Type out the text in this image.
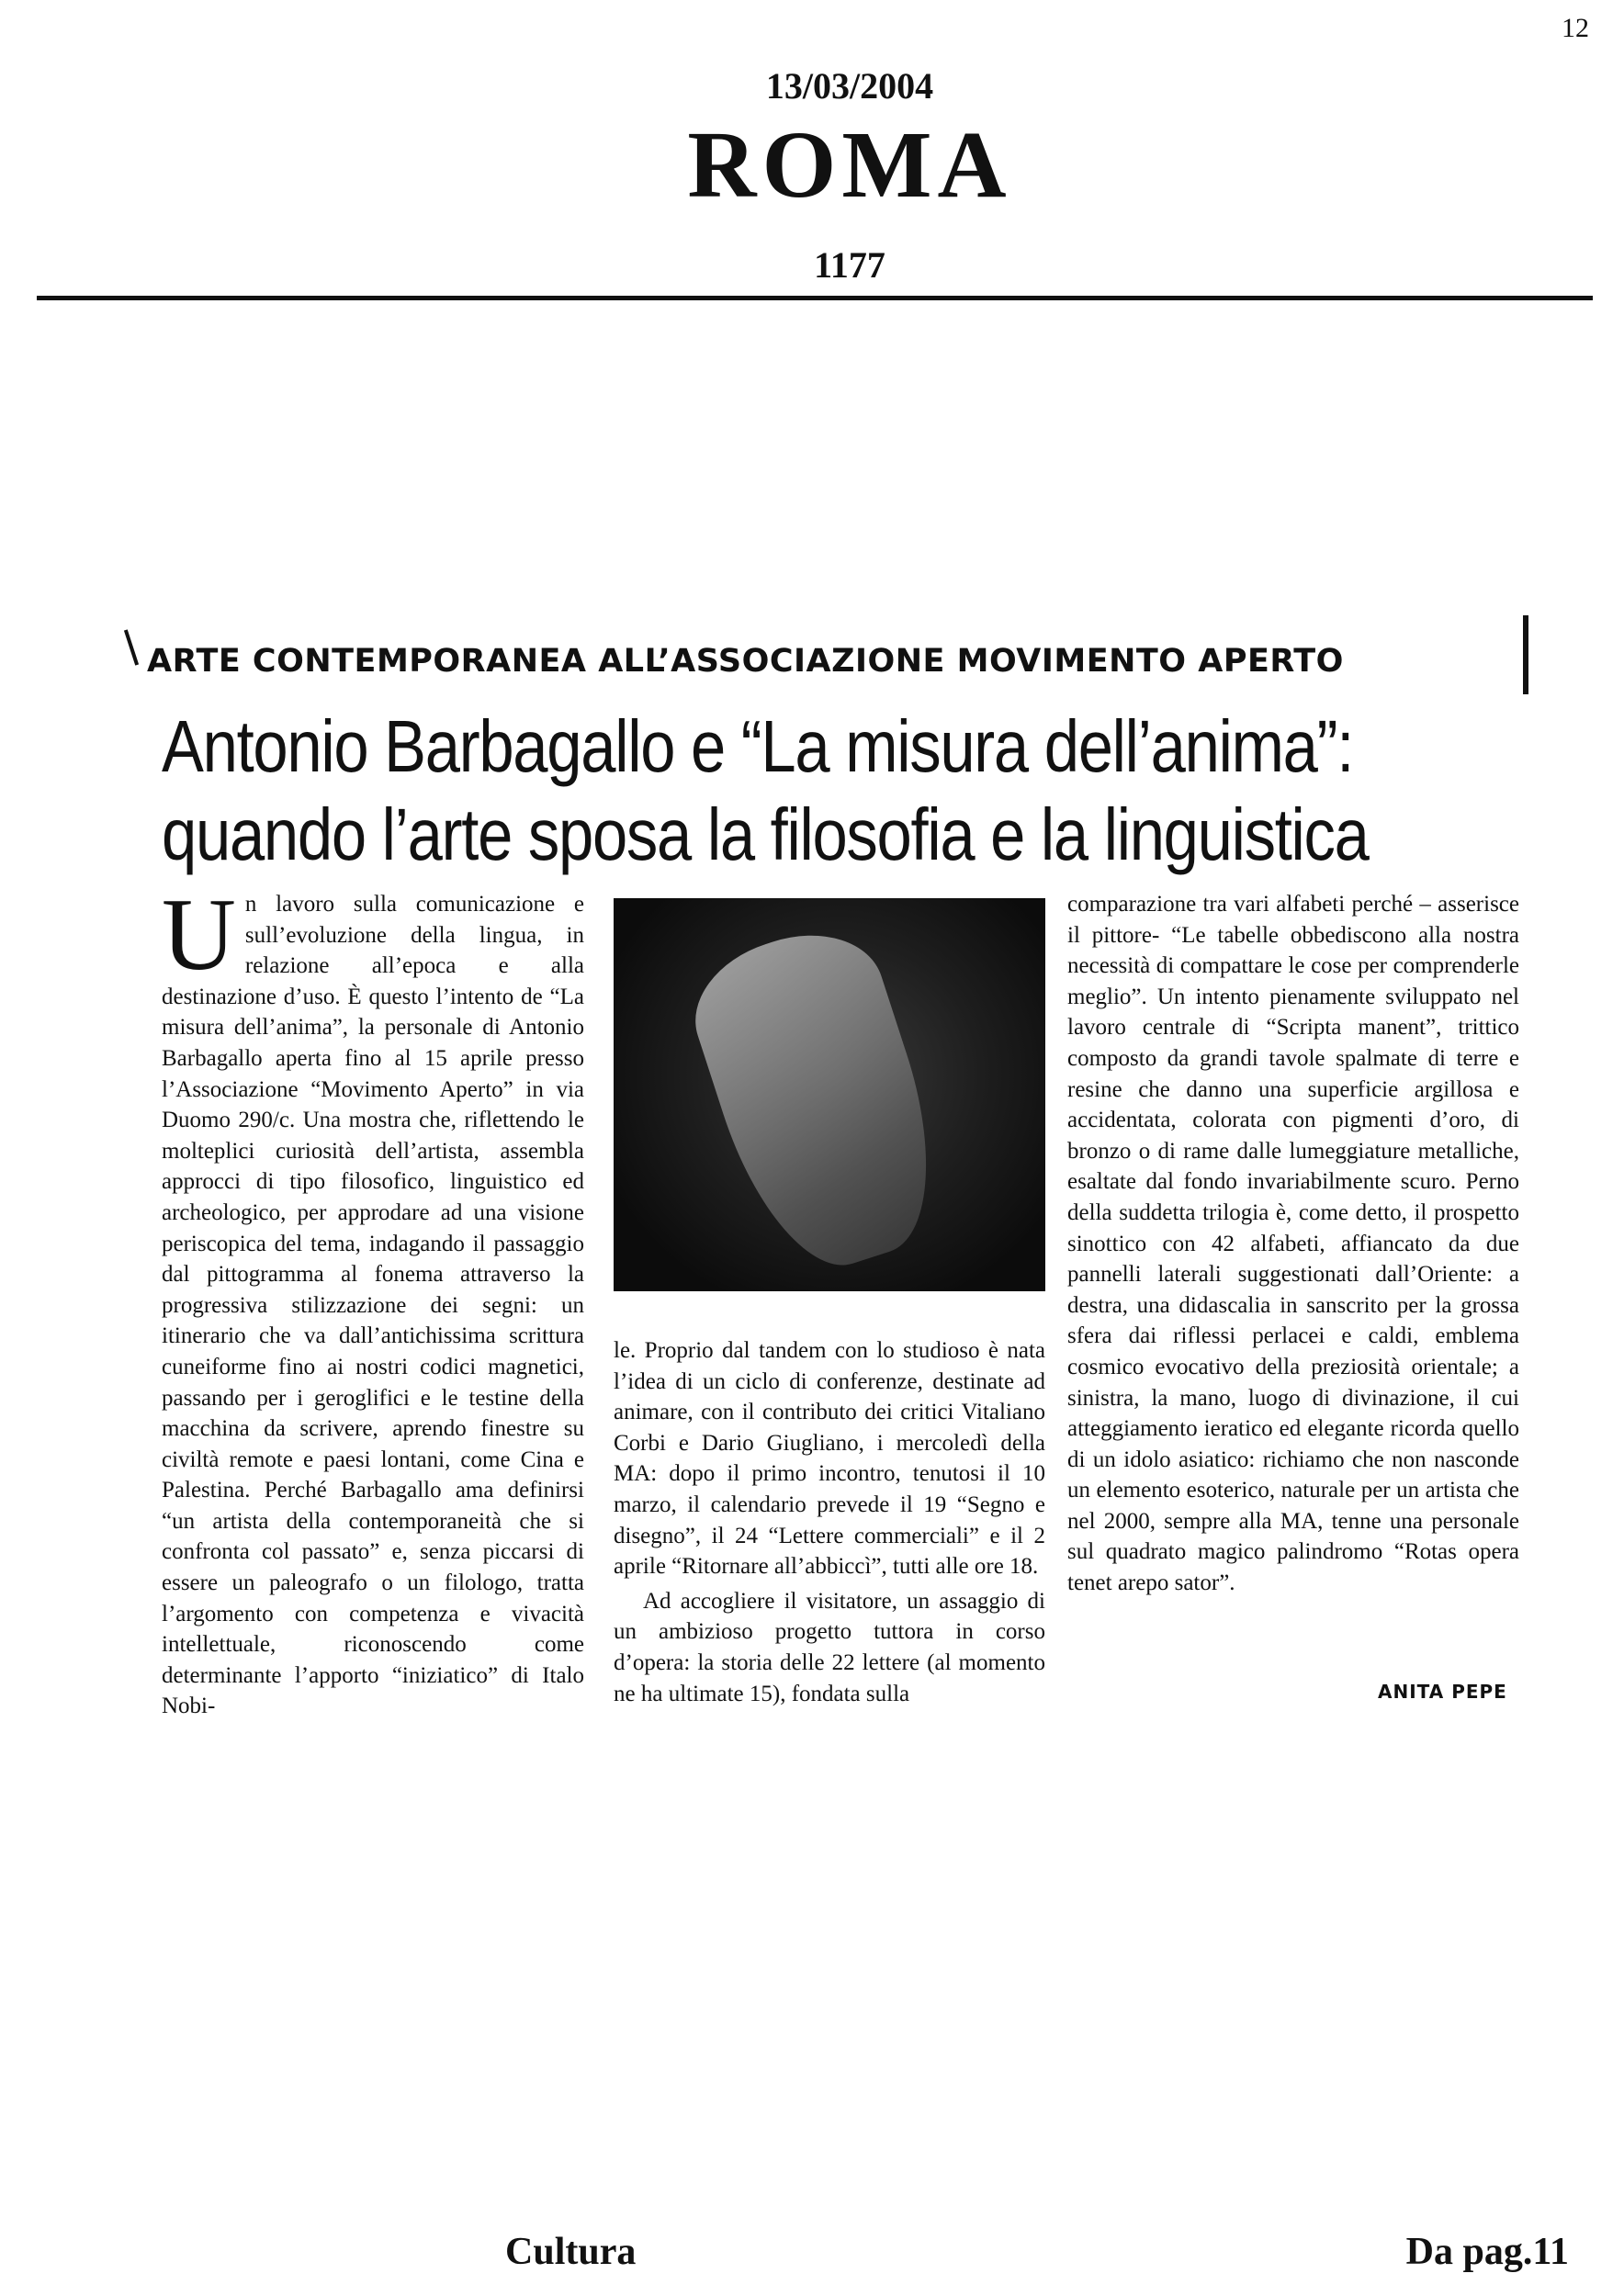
12
13/03/2004
ROMA
1177
ARTE CONTEMPORANEA ALL’ASSOCIAZIONE MOVIMENTO APERTO
Antonio Barbagallo e “La misura dell’anima”:
quando l’arte sposa la filosofia e la linguistica

Un lavoro sulla comunicazione e sull’evoluzione della lingua, in relazione all’epoca e alla destinazione d’uso. È questo l’intento de “La misura dell’anima”, la personale di Antonio Barbagallo aperta fino al 15 aprile presso l’Associazione “Movimento Aperto” in via Duomo 290/c. Una mostra che, riflettendo le molteplici curiosità dell’artista, assembla approcci di tipo filosofico, linguistico ed archeologico, per approdare ad una visione periscopica del tema, indagando il passaggio dal pittogramma al fonema attraverso la progressiva stilizzazione dei segni: un itinerario che va dall’antichissima scrittura cuneiforme fino ai nostri codici magnetici, passando per i geroglifici e le testine della macchina da scrivere, aprendo finestre su civiltà remote e paesi lontani, come Cina e Palestina. Perché Barbagallo ama definirsi “un artista della contemporaneità che si confronta col passato” e, senza piccarsi di essere un paleografo o un filologo, tratta l’argomento con competenza e vivacità intellettuale, riconoscendo come determinante l’apporto “iniziatico” di Italo Nobi-

le. Proprio dal tandem con lo studioso è nata l’idea di un ciclo di conferenze, destinate ad animare, con il contributo dei critici Vitaliano Corbi e Dario Giugliano, i mercoledì della MA: dopo il primo incontro, tenutosi il 10 marzo, il calendario prevede il 19 “Segno e disegno”, il 24 “Lettere commerciali” e il 2 aprile “Ritornare all’abbiccì”, tutti alle ore 18.

Ad accogliere il visitatore, un assaggio di un ambizioso progetto tuttora in corso d’opera: la storia delle 22 lettere (al momento ne ha ultimate 15), fondata sulla

comparazione tra vari alfabeti perché – asserisce il pittore- “Le tabelle obbediscono alla nostra necessità di compattare le cose per comprenderle meglio”. Un intento pienamente sviluppato nel lavoro centrale di “Scripta manent”, trittico composto da grandi tavole spalmate di terre e resine che danno una superficie argillosa e accidentata, colorata con pigmenti d’oro, di bronzo o di rame dalle lumeggiature metalliche, esaltate dal fondo invariabilmente scuro. Perno della suddetta trilogia è, come detto, il prospetto sinottico con 42 alfabeti, affiancato da due pannelli laterali suggestionati dall’Oriente: a destra, una didascalia in sanscrito per la grossa sfera dai riflessi perlacei e caldi, emblema cosmico evocativo della preziosità orientale; a sinistra, la mano, luogo di divinazione, il cui atteggiamento ieratico ed elegante ricorda quello di un idolo asiatico: richiamo che non nasconde un elemento esoterico, naturale per un artista che nel 2000, sempre alla MA, tenne una personale sul quadrato magico palindromo “Rotas opera tenet arepo sator”.

ANITA PEPE
Cultura	Da pag.11
